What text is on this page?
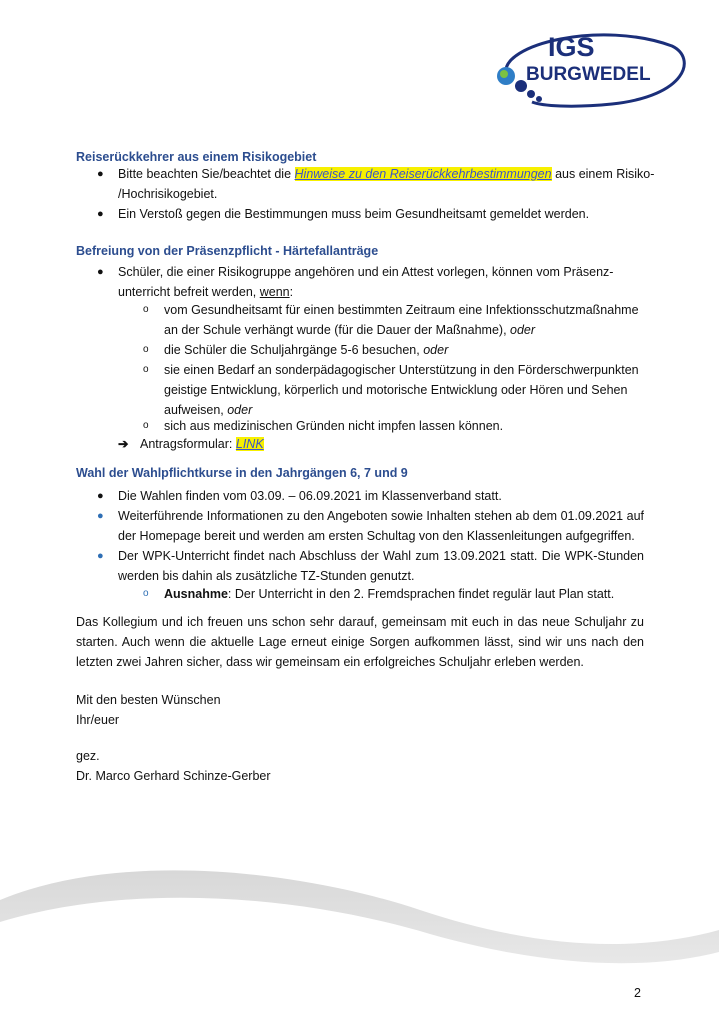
IGS
BURGWEDEL
Reiserückkehrer aus einem Risikogebiet
● Bitte beachten Sie/beachtet die Hinweise zu den Reiserückkehrbestimmungen aus einem Risiko-
/Hochrisikogebiet.
● Ein Verstoß gegen die Bestimmungen muss beim Gesundheitsamt gemeldet werden.
Befreiung von der Präsenzpflicht - Härtefallanträge
● Schüler, die einer Risikogruppe angehören und ein Attest vorlegen, können vom Präsenz-
unterricht befreit werden, wenn:
o vom Gesundheitsamt für einen bestimmten Zeitraum eine Infektionsschutzmaßnahme
an der Schule verhängt wurde (für die Dauer der Maßnahme), oder
o die Schüler die Schuljahrgänge 5-6 besuchen, oder
o sie einen Bedarf an sonderpädagogischer Unterstützung in den Förderschwerpunkten
geistige Entwicklung, körperlich und motorische Entwicklung oder Hören und Sehen
aufweisen, oder
o sich aus medizinischen Gründen nicht impfen lassen können.
➔ Antragsformular: LINK
Wahl der Wahlpflichtkurse in den Jahrgängen 6, 7 und 9
● Die Wahlen finden vom 03.09. – 06.09.2021 im Klassenverband statt.
● Weiterführende Informationen zu den Angeboten sowie Inhalten stehen ab dem 01.09.2021 auf
der Homepage bereit und werden am ersten Schultag von den Klassenleitungen aufgegriffen.
● Der WPK-Unterricht findet nach Abschluss der Wahl zum 13.09.2021 statt. Die WPK-Stunden
werden bis dahin als zusätzliche TZ-Stunden genutzt.
o Ausnahme: Der Unterricht in den 2. Fremdsprachen findet regulär laut Plan statt.
Das Kollegium und ich freuen uns schon sehr darauf, gemeinsam mit euch in das neue Schuljahr zu
starten. Auch wenn die aktuelle Lage erneut einige Sorgen aufkommen lässt, sind wir uns nach den
letzten zwei Jahren sicher, dass wir gemeinsam ein erfolgreiches Schuljahr erleben werden.
Mit den besten Wünschen
Ihr/euer
gez.
Dr. Marco Gerhard Schinze-Gerber
2
